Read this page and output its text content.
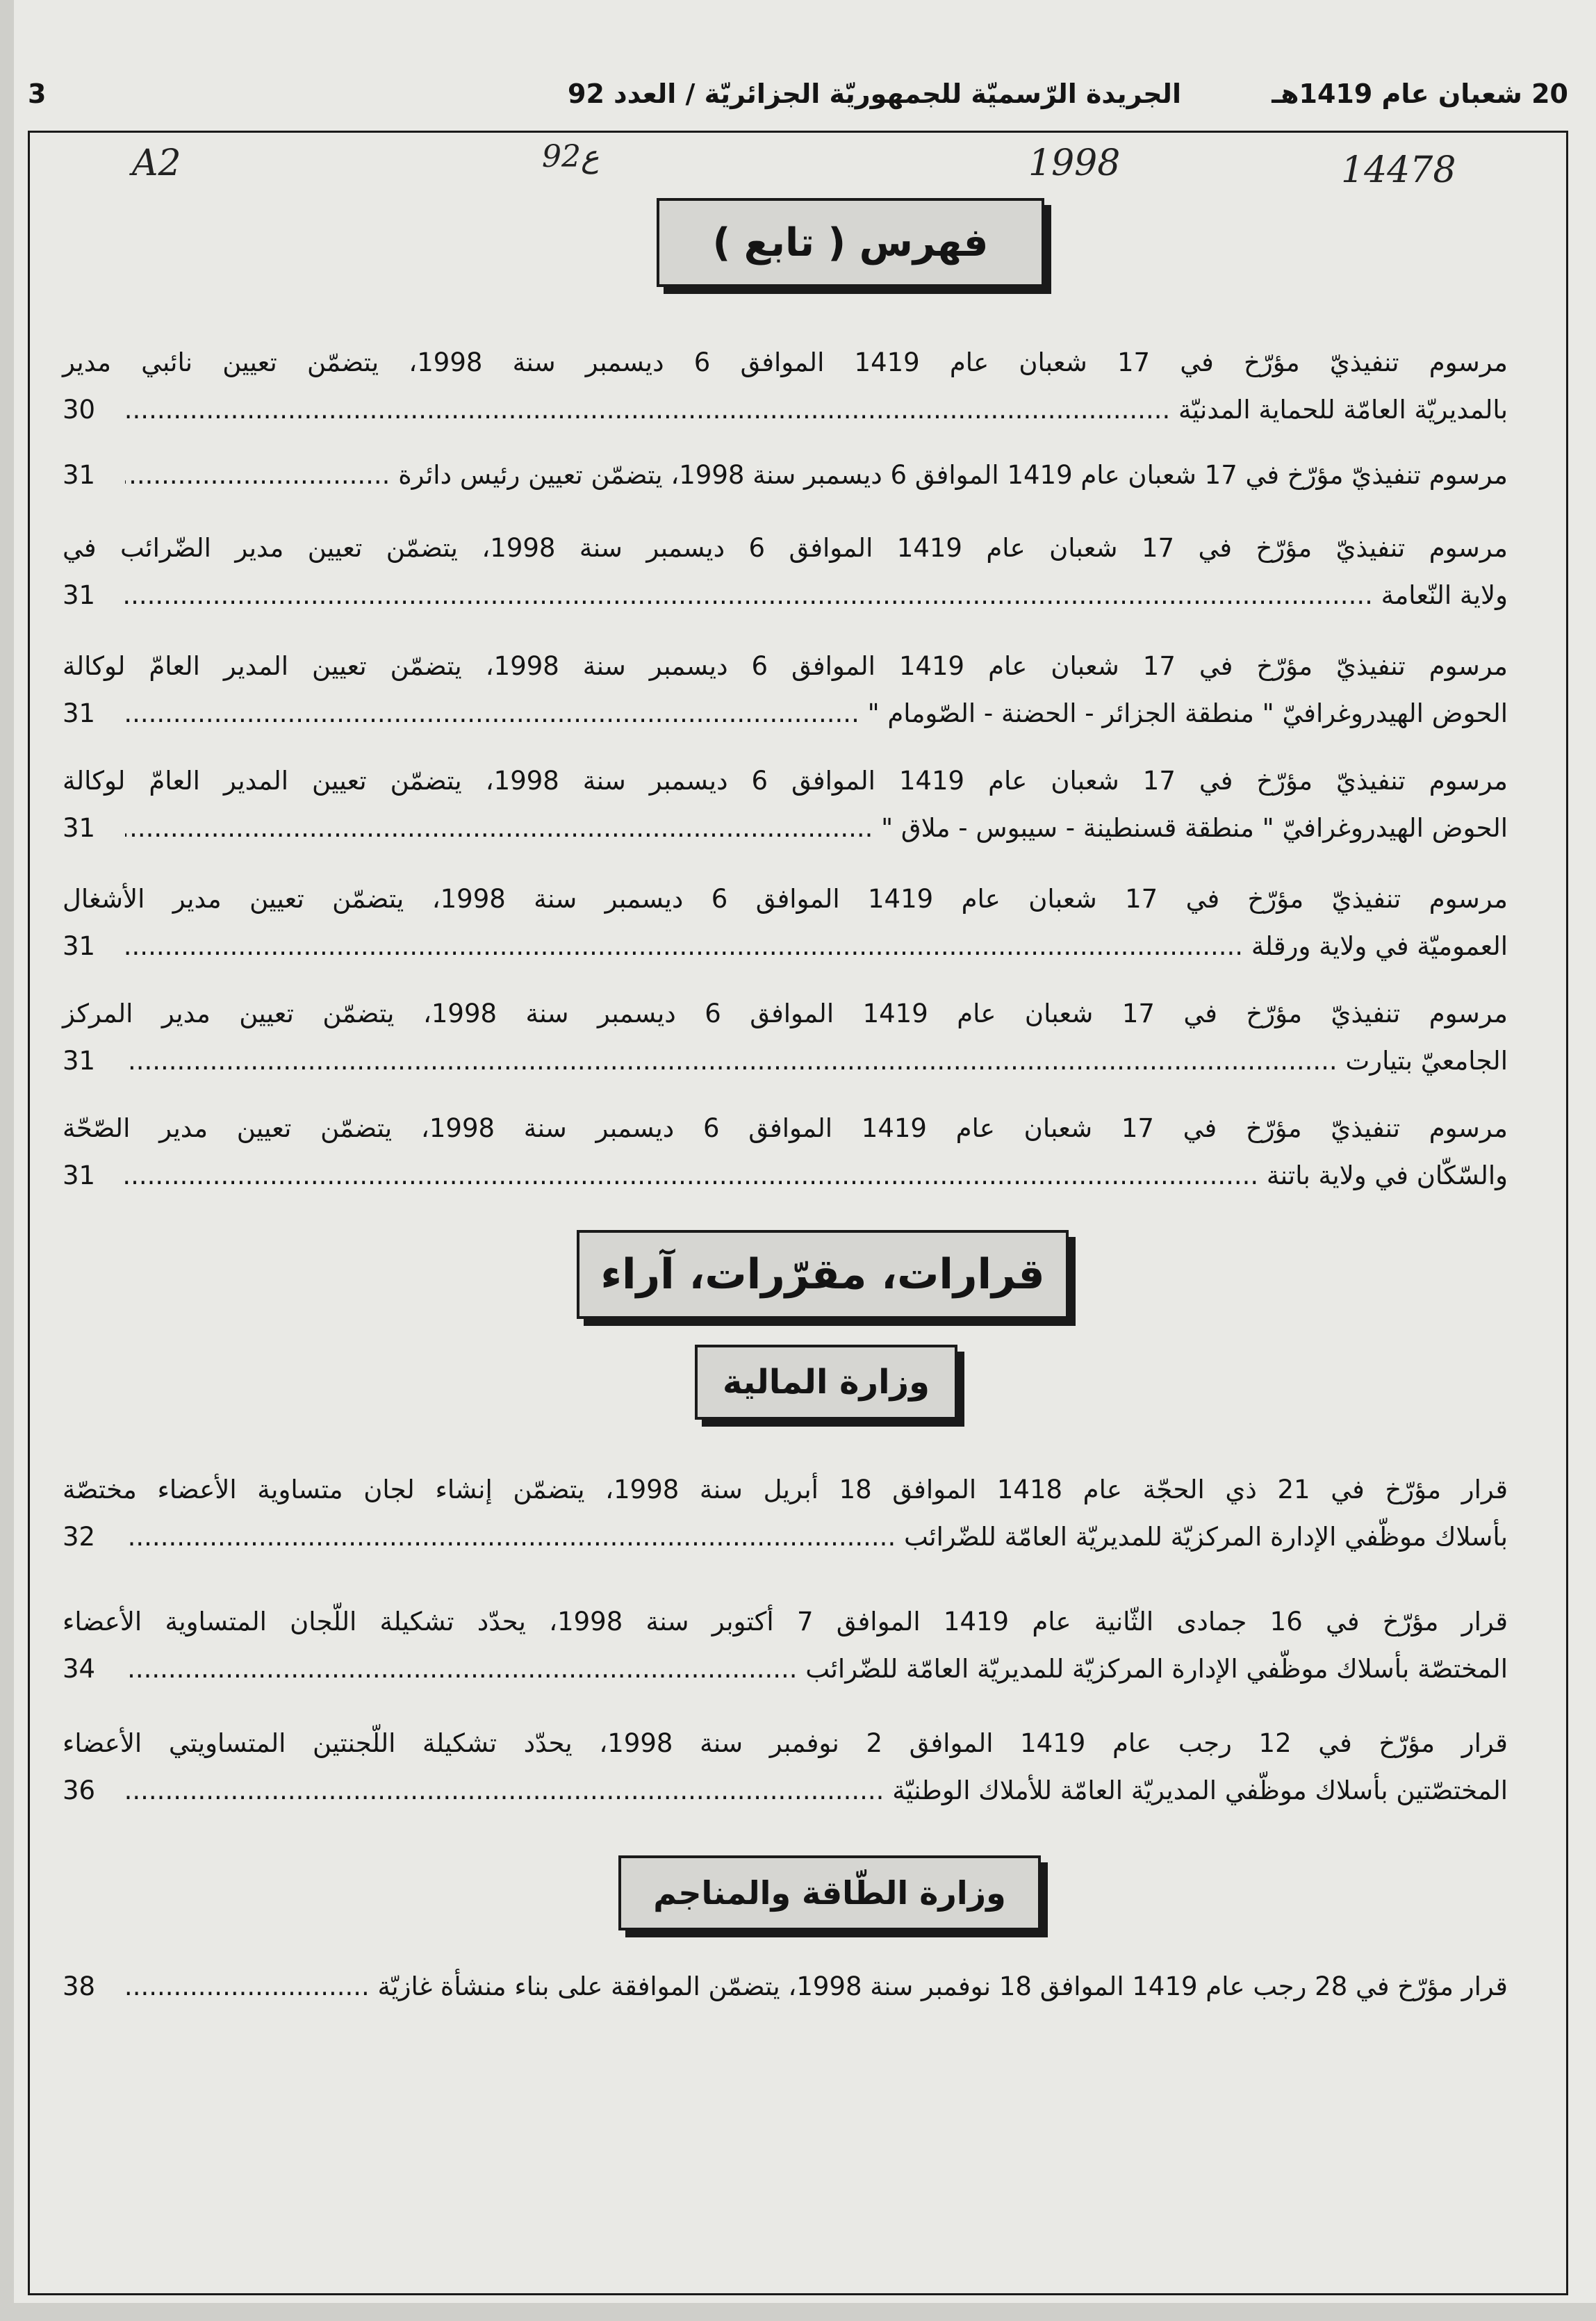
3	الجريدة الرّسميّة للجمهوريّة الجزائريّة / العدد 92	20 شعبان عام 1419هـ
A2	92ع	1998	14478
فهرس ( تابع )
مرسوم تنفيذيّ مؤرّخ في 17 شعبان عام 1419 الموافق 6 ديسمبر سنة 1998، يتضمّن تعيين نائبي مدير
بالمديريّة العامّة للحماية المدنيّة .....
30
مرسوم تنفيذيّ مؤرّخ في 17 شعبان عام 1419 الموافق 6 ديسمبر سنة 1998، يتضمّن تعيين رئيس دائرة .....
31
مرسوم تنفيذيّ مؤرّخ في 17 شعبان عام 1419 الموافق 6 ديسمبر سنة 1998، يتضمّن تعيين مدير الضّرائب في
ولاية النّعامة .....
31
مرسوم تنفيذيّ مؤرّخ في 17 شعبان عام 1419 الموافق 6 ديسمبر سنة 1998، يتضمّن تعيين المدير العامّ لوكالة
الحوض الهيدروغرافيّ " منطقة الجزائر - الحضنة - الصّومام " .....
31
مرسوم تنفيذيّ مؤرّخ في 17 شعبان عام 1419 الموافق 6 ديسمبر سنة 1998، يتضمّن تعيين المدير العامّ لوكالة
الحوض الهيدروغرافيّ " منطقة قسنطينة - سيبوس - ملاق " .....
31
مرسوم تنفيذيّ مؤرّخ في 17 شعبان عام 1419 الموافق 6 ديسمبر سنة 1998، يتضمّن تعيين مدير الأشغال
العموميّة في ولاية ورقلة .....
31
مرسوم تنفيذيّ مؤرّخ في 17 شعبان عام 1419 الموافق 6 ديسمبر سنة 1998، يتضمّن تعيين مدير المركز
الجامعيّ بتيارت .....
31
مرسوم تنفيذيّ مؤرّخ في 17 شعبان عام 1419 الموافق 6 ديسمبر سنة 1998، يتضمّن تعيين مدير الصّحّة
والسّكّان في ولاية باتنة .....
31
قرارات، مقرّرات، آراء
وزارة المالية
قرار مؤرّخ في 21 ذي الحجّة عام 1418 الموافق 18 أبريل سنة 1998، يتضمّن إنشاء لجان متساوية الأعضاء مختصّة
بأسلاك موظّفي الإدارة المركزيّة للمديريّة العامّة للضّرائب .....
32
قرار مؤرّخ في 16 جمادى الثّانية عام 1419 الموافق 7 أكتوبر سنة 1998، يحدّد تشكيلة اللّجان المتساوية الأعضاء
المختصّة بأسلاك موظّفي الإدارة المركزيّة للمديريّة العامّة للضّرائب .....
34
قرار مؤرّخ في 12 رجب عام 1419 الموافق 2 نوفمبر سنة 1998، يحدّد تشكيلة اللّجنتين المتساويتي الأعضاء
المختصّتين بأسلاك موظّفي المديريّة العامّة للأملاك الوطنيّة .....
36
وزارة الطّاقة والمناجم
قرار مؤرّخ في 28 رجب عام 1419 الموافق 18 نوفمبر سنة 1998، يتضمّن الموافقة على بناء منشأة غازيّة .....
38
